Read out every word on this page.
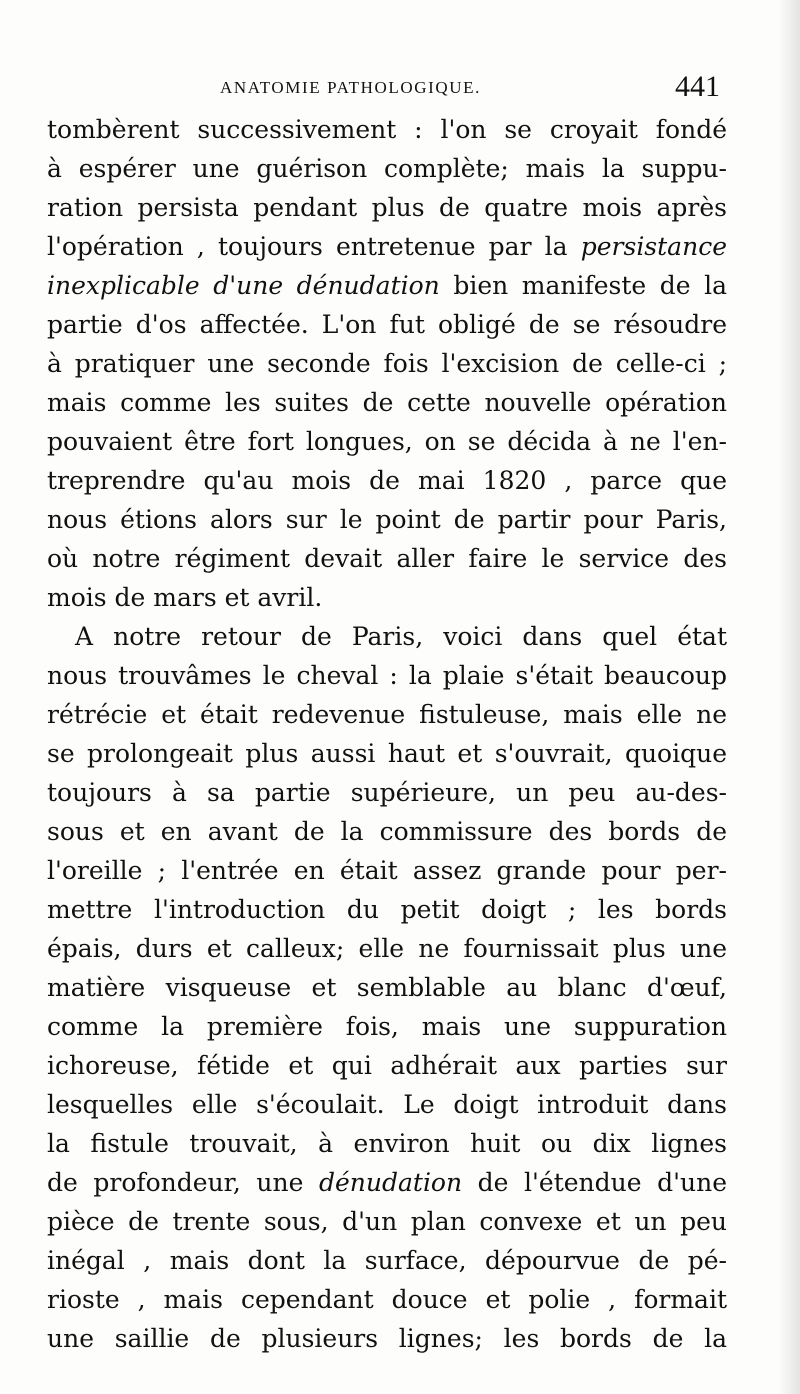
ANATOMIE PATHOLOGIQUE.	441
tombèrent successivement : l'on se croyait fondé
à espérer une guérison complète; mais la suppu-
ration persista pendant plus de quatre mois après
l'opération , toujours entretenue par la persistance
inexplicable d'une dénudation bien manifeste de la
partie d'os affectée. L'on fut obligé de se résoudre
à pratiquer une seconde fois l'excision de celle-ci ;
mais comme les suites de cette nouvelle opération
pouvaient être fort longues, on se décida à ne l'en-
treprendre qu'au mois de mai 1820 , parce que
nous étions alors sur le point de partir pour Paris,
où notre régiment devait aller faire le service des
mois de mars et avril.
A notre retour de Paris, voici dans quel état
nous trouvâmes le cheval : la plaie s'était beaucoup
rétrécie et était redevenue fistuleuse, mais elle ne
se prolongeait plus aussi haut et s'ouvrait, quoique
toujours à sa partie supérieure, un peu au-des-
sous et en avant de la commissure des bords de
l'oreille ; l'entrée en était assez grande pour per-
mettre l'introduction du petit doigt ; les bords
épais, durs et calleux; elle ne fournissait plus une
matière visqueuse et semblable au blanc d'œuf,
comme la première fois, mais une suppuration
ichoreuse, fétide et qui adhérait aux parties sur
lesquelles elle s'écoulait. Le doigt introduit dans
la fistule trouvait, à environ huit ou dix lignes
de profondeur, une dénudation de l'étendue d'une
pièce de trente sous, d'un plan convexe et un peu
inégal , mais dont la surface, dépourvue de pé-
rioste , mais cependant douce et polie , formait
une saillie de plusieurs lignes; les bords de la
